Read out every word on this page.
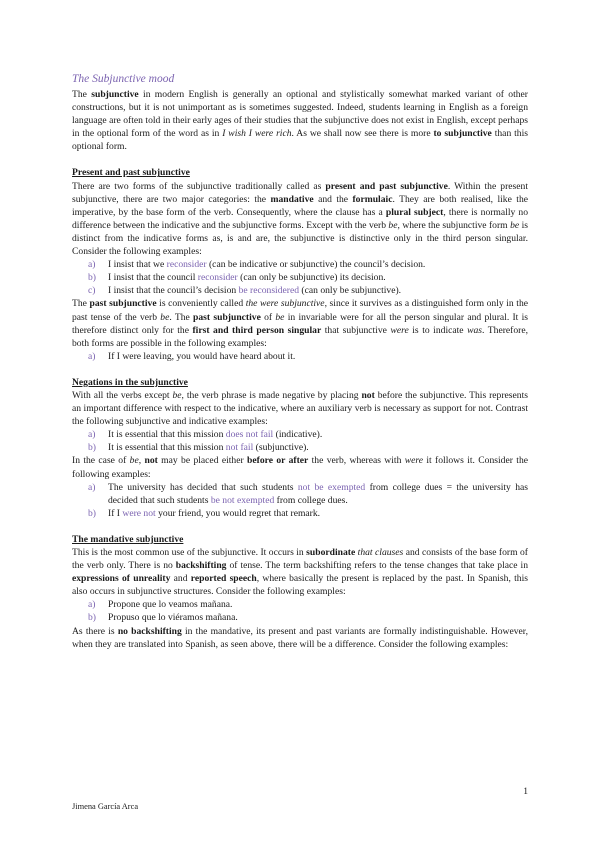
The Subjunctive mood

The subjunctive in modern English is generally an optional and stylistically somewhat marked variant of other constructions, but it is not unimportant as is sometimes suggested. Indeed, students learning in English as a foreign language are often told in their early ages of their studies that the subjunctive does not exist in English, except perhaps in the optional form of the word as in I wish I were rich. As we shall now see there is more to subjunctive than this optional form.

Present and past subjunctive

There are two forms of the subjunctive traditionally called as present and past subjunctive. Within the present subjunctive, there are two major categories: the mandative and the formulaic. They are both realised, like the imperative, by the base form of the verb. Consequently, where the clause has a plural subject, there is normally no difference between the indicative and the subjunctive forms. Except with the verb be, where the subjunctive form be is distinct from the indicative forms as, is and are, the subjunctive is distinctive only in the third person singular. Consider the following examples:

a) I insist that we reconsider (can be indicative or subjunctive) the council’s decision.
b) I insist that the council reconsider (can only be subjunctive) its decision.
c) I insist that the council’s decision be reconsidered (can only be subjunctive).

The past subjunctive is conveniently called the were subjunctive, since it survives as a distinguished form only in the past tense of the verb be. The past subjunctive of be in invariable were for all the person singular and plural. It is therefore distinct only for the first and third person singular that subjunctive were is to indicate was. Therefore, both forms are possible in the following examples:

a) If I were leaving, you would have heard about it.
Negations in the subjunctive

With all the verbs except be, the verb phrase is made negative by placing not before the subjunctive. This represents an important difference with respect to the indicative, where an auxiliary verb is necessary as support for not. Contrast the following subjunctive and indicative examples:

a) It is essential that this mission does not fail (indicative).
b) It is essential that this mission not fail (subjunctive).

In the case of be, not may be placed either before or after the verb, whereas with were it follows it. Consider the following examples:

a) The university has decided that such students not be exempted from college dues = the university has decided that such students be not exempted from college dues.
b) If I were not your friend, you would regret that remark.
The mandative subjunctive

This is the most common use of the subjunctive. It occurs in subordinate that clauses and consists of the base form of the verb only. There is no backshifting of tense. The term backshifting refers to the tense changes that take place in expressions of unreality and reported speech, where basically the present is replaced by the past. In Spanish, this also occurs in subjunctive structures. Consider the following examples:

a) Propone que lo veamos mañana.
b) Propuso que lo viéramos mañana.

As there is no backshifting in the mandative, its present and past variants are formally indistinguishable. However, when they are translated into Spanish, as seen above, there will be a difference. Consider the following examples:

1
Jimena García Arca
